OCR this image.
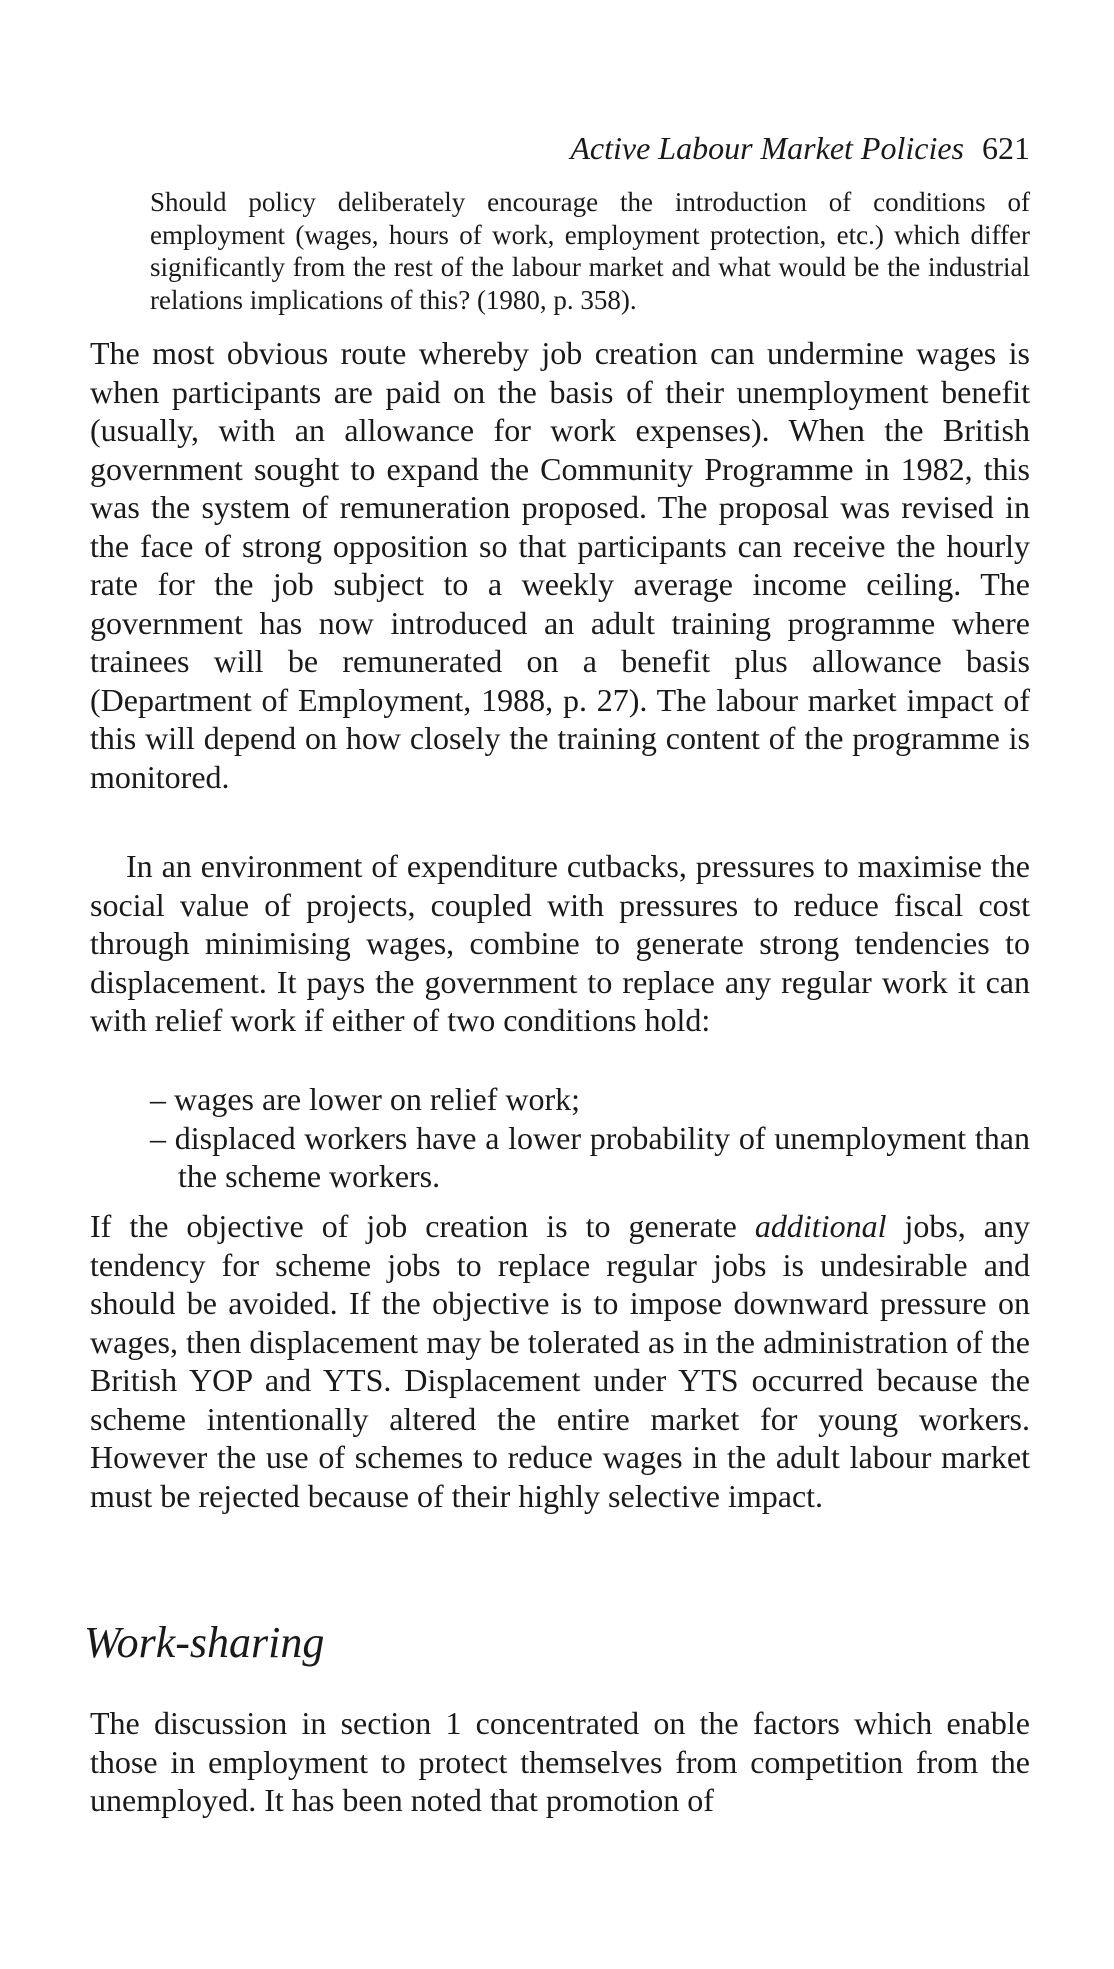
Active Labour Market Policies 621
Should policy deliberately encourage the introduction of conditions of employment (wages, hours of work, employment protection, etc.) which differ significantly from the rest of the labour market and what would be the industrial relations implications of this? (1980, p. 358).
The most obvious route whereby job creation can undermine wages is when participants are paid on the basis of their unemployment benefit (usually, with an allowance for work expenses). When the British government sought to expand the Community Programme in 1982, this was the system of remuneration proposed. The proposal was revised in the face of strong opposition so that participants can receive the hourly rate for the job subject to a weekly average income ceiling. The government has now introduced an adult training programme where trainees will be remunerated on a benefit plus allowance basis (Department of Employment, 1988, p. 27). The labour market impact of this will depend on how closely the training content of the programme is monitored.
In an environment of expenditure cutbacks, pressures to maximise the social value of projects, coupled with pressures to reduce fiscal cost through minimising wages, combine to generate strong tendencies to displacement. It pays the government to replace any regular work it can with relief work if either of two conditions hold:
– wages are lower on relief work;
– displaced workers have a lower probability of unemployment than the scheme workers.
If the objective of job creation is to generate additional jobs, any tendency for scheme jobs to replace regular jobs is undesirable and should be avoided. If the objective is to impose downward pressure on wages, then displacement may be tolerated as in the administration of the British YOP and YTS. Displacement under YTS occurred because the scheme intentionally altered the entire market for young workers. However the use of schemes to reduce wages in the adult labour market must be rejected because of their highly selective impact.
Work-sharing
The discussion in section 1 concentrated on the factors which enable those in employment to protect themselves from competition from the unemployed. It has been noted that promotion of
